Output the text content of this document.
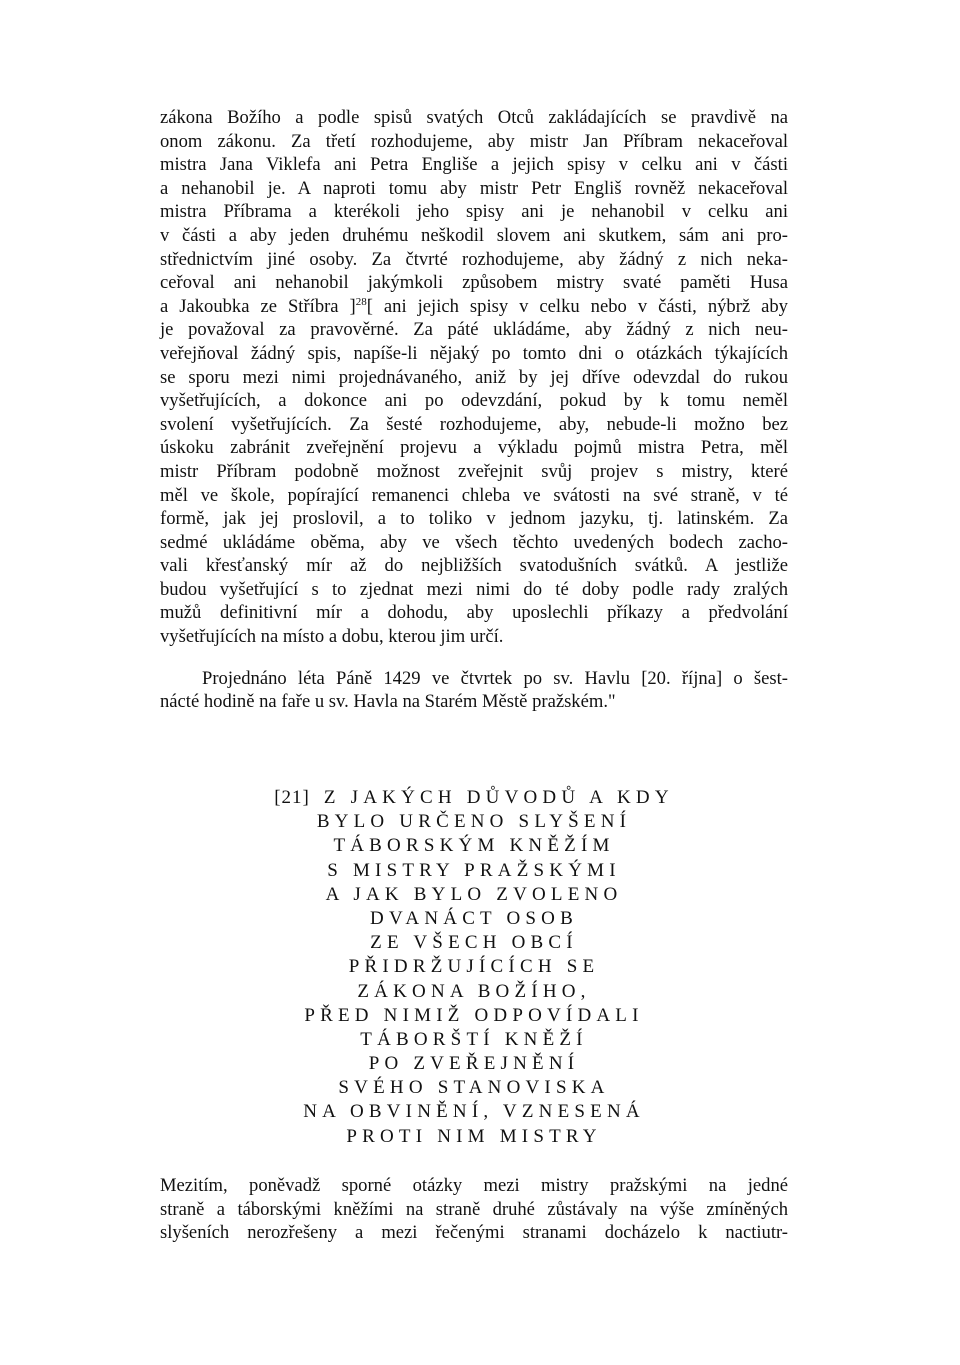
zákona Božího a podle spisů svatých Otců zakládajících se pravdivě na
onom zákonu. Za třetí rozhodujeme, aby mistr Jan Příbram nekaceřoval
mistra Jana Viklefa ani Petra Engliše a jejich spisy v celku ani v části
a nehanobil je. A naproti tomu aby mistr Petr Engliš rovněž nekaceřoval
mistra Příbrama a kterékoli jeho spisy ani je nehanobil v celku ani
v části a aby jeden druhému neškodil slovem ani skutkem, sám ani pro-
střednictvím jiné osoby. Za čtvrté rozhodujeme, aby žádný z nich neka-
ceřoval ani nehanobil jakýmkoli způsobem mistry svaté paměti Husa
a Jakoubka ze Stříbra ]$^{28}$[ ani jejich spisy v celku nebo v části, nýbrž aby
je považoval za pravověrné. Za páté ukládáme, aby žádný z nich neu-
veřejňoval žádný spis, napíše-li nějaký po tomto dni o otázkách týkajících
se sporu mezi nimi projednávaného, aniž by jej dříve odevzdal do rukou
vyšetřujících, a dokonce ani po odevzdání, pokud by k tomu neměl
svolení vyšetřujících. Za šesté rozhodujeme, aby, nebude-li možno bez
úskoku zabránit zveřejnění projevu a výkladu pojmů mistra Petra, měl
mistr Příbram podobně možnost zveřejnit svůj projev s mistry, které
měl ve škole, popírající remanenci chleba ve svátosti na své straně, v té
formě, jak jej proslovil, a to toliko v jednom jazyku, tj. latinském. Za
sedmé ukládáme oběma, aby ve všech těchto uvedených bodech zacho-
vali křesťanský mír až do nejbližších svatodušních svátků. A jestliže
budou vyšetřující s to zjednat mezi nimi do té doby podle rady zralých
mužů definitivní mír a dohodu, aby uposlechli příkazy a předvolání
vyšetřujících na místo a dobu, kterou jim určí.
Projednáno léta Páně 1429 ve čtvrtek po sv. Havlu [20. října] o šest-
nácté hodině na faře u sv. Havla na Starém Městě pražském."
[21] Z JAKÝCH DŮVODŮ A KDY
BYLO URČENO SLYŠENÍ
TÁBORSKÝM KNĚŽÍM
S MISTRY PRAŽSKÝMI
A JAK BYLO ZVOLENO
DVANÁCT OSOB
ZE VŠECH OBCÍ
PŘIDRŽUJÍCÍCH SE
ZÁKONA BOŽÍHO,
PŘED NIMIŽ ODPOVÍDALI
TÁBORŠTÍ KNĚŽÍ
PO ZVEŘEJNĚNÍ
SVÉHO STANOVISKA
NA OBVINĚNÍ, VZNESENÁ
PROTI NIM MISTRY
Mezitím, poněvadž sporné otázky mezi mistry pražskými na jedné
straně a táborskými kněžími na straně druhé zůstávaly na výše zmíněných
slyšeních nerozřešeny a mezi řečenými stranami docházelo k nactiutr-
